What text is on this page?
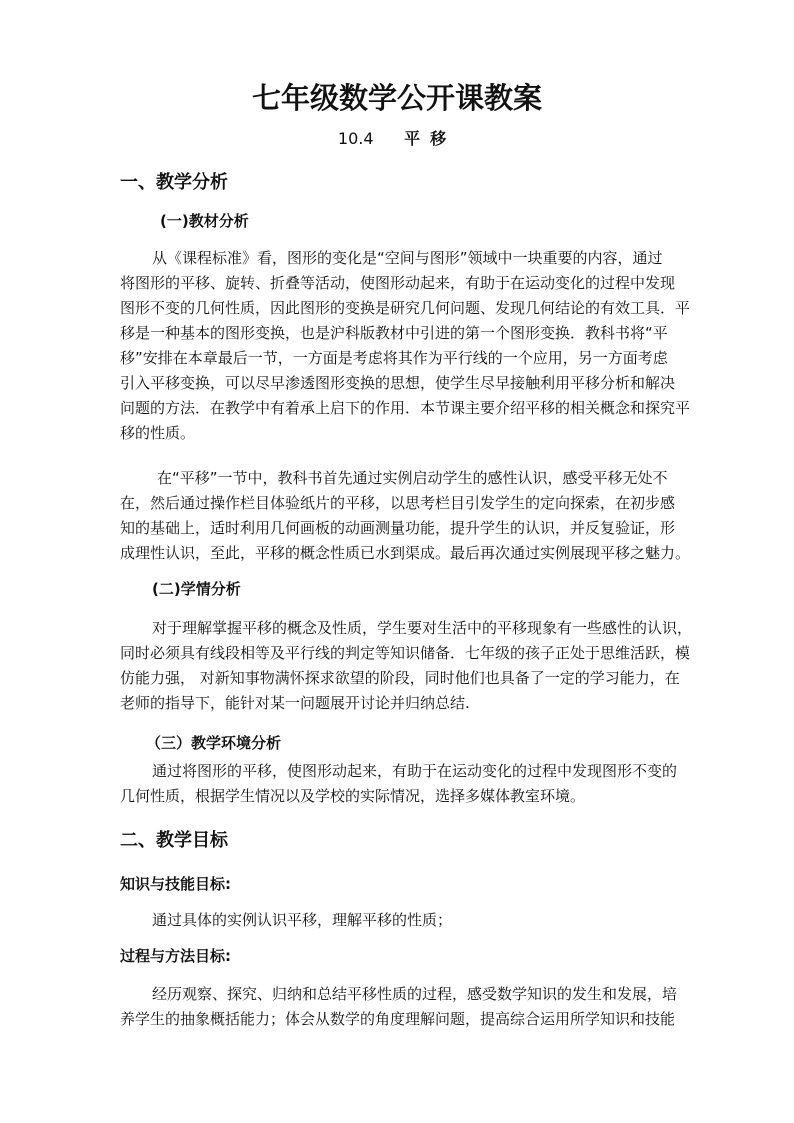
七年级数学公开课教案
10.4 平移
一、教学分析
(一)教材分析
从《课程标准》看，图形的变化是“空间与图形”领域中一块重要的内容，通过
将图形的平移、旋转、折叠等活动，使图形动起来，有助于在运动变化的过程中发现
图形不变的几何性质，因此图形的变换是研究几何问题、发现几何结论的有效工具．平
移是一种基本的图形变换，也是沪科版教材中引进的第一个图形变换．教科书将“平
移”安排在本章最后一节，一方面是考虑将其作为平行线的一个应用，另一方面考虑
引入平移变换，可以尽早渗透图形变换的思想，使学生尽早接触利用平移分析和解决
问题的方法．在教学中有着承上启下的作用．本节课主要介绍平移的相关概念和探究平
移的性质。
在“平移”一节中，教科书首先通过实例启动学生的感性认识，感受平移无处不
在，然后通过操作栏目体验纸片的平移，以思考栏目引发学生的定向探索，在初步感
知的基础上，适时利用几何画板的动画测量功能，提升学生的认识，并反复验证，形
成理性认识，至此，平移的概念性质已水到渠成。最后再次通过实例展现平移之魅力。
(二)学情分析
对于理解掌握平移的概念及性质，学生要对生活中的平移现象有一些感性的认识，
同时必须具有线段相等及平行线的判定等知识储备．七年级的孩子正处于思维活跃，模
仿能力强， 对新知事物满怀探求欲望的阶段，同时他们也具备了一定的学习能力，在
老师的指导下，能针对某一问题展开讨论并归纳总结.
（三）教学环境分析
通过将图形的平移，使图形动起来，有助于在运动变化的过程中发现图形不变的
几何性质，根据学生情况以及学校的实际情况，选择多媒体教室环境。
二、教学目标
知识与技能目标:
通过具体的实例认识平移，理解平移的性质；
过程与方法目标:
经历观察、探究、归纳和总结平移性质的过程，感受数学知识的发生和发展，培
养学生的抽象概括能力；体会从数学的角度理解问题，提高综合运用所学知识和技能
